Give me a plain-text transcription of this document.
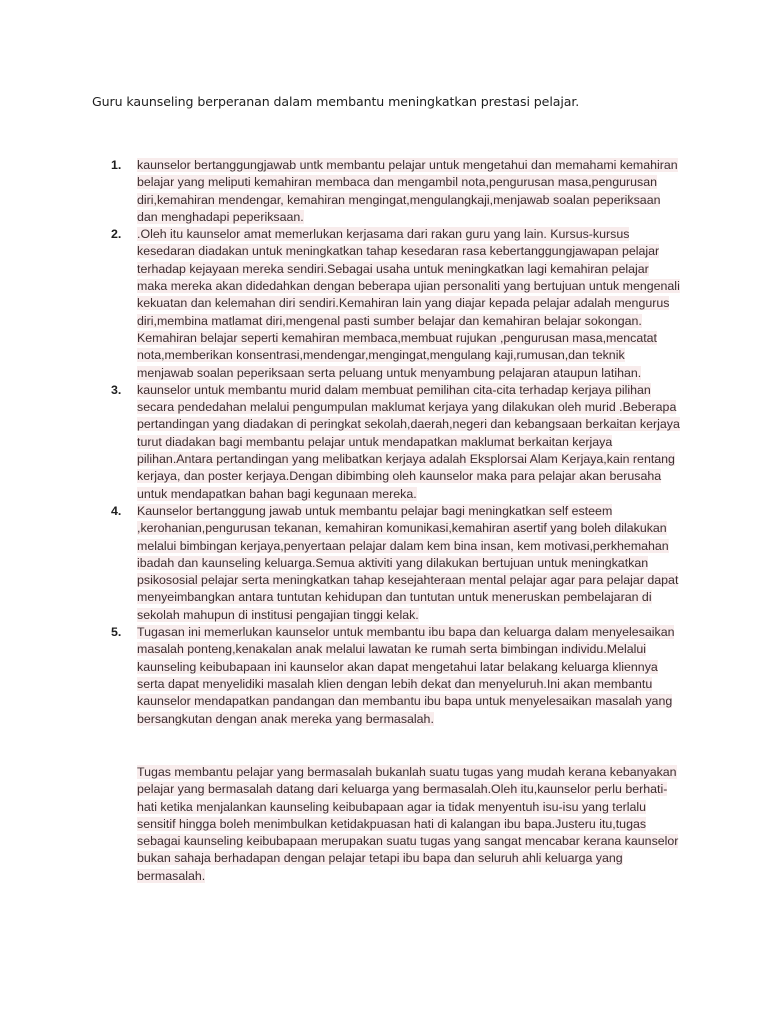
Guru kaunseling berperanan dalam membantu meningkatkan prestasi pelajar.
1.	kaunselor bertanggungjawab untk membantu pelajar untuk mengetahui dan memahami kemahiran belajar yang meliputi kemahiran membaca dan mengambil nota,pengurusan masa,pengurusan diri,kemahiran mendengar, kemahiran mengingat,mengulangkaji,menjawab soalan peperiksaan dan menghadapi peperiksaan.
2.	.Oleh itu kaunselor amat memerlukan kerjasama dari rakan guru yang lain. Kursus-kursus kesedaran diadakan untuk meningkatkan tahap kesedaran rasa kebertanggungjawapan pelajar terhadap kejayaan mereka sendiri.Sebagai usaha untuk meningkatkan lagi kemahiran pelajar maka mereka akan didedahkan dengan beberapa ujian personaliti yang bertujuan untuk mengenali kekuatan dan kelemahan diri sendiri.Kemahiran lain yang diajar kepada pelajar adalah mengurus diri,membina matlamat diri,mengenal pasti sumber belajar dan kemahiran belajar sokongan.
Kemahiran belajar seperti kemahiran membaca,membuat rujukan ,pengurusan masa,mencatat nota,memberikan konsentrasi,mendengar,mengingat,mengulang kaji,rumusan,dan teknik menjawab soalan peperiksaan serta peluang untuk menyambung pelajaran ataupun latihan.
3.	kaunselor untuk membantu murid dalam membuat pemilihan cita-cita terhadap kerjaya pilihan secara pendedahan melalui pengumpulan maklumat kerjaya yang dilakukan oleh murid .Beberapa pertandingan yang diadakan di peringkat sekolah,daerah,negeri dan kebangsaan berkaitan kerjaya turut diadakan bagi membantu pelajar untuk mendapatkan maklumat berkaitan kerjaya pilihan.Antara pertandingan yang melibatkan kerjaya adalah Eksplorsai Alam Kerjaya,kain rentang kerjaya, dan poster kerjaya.Dengan dibimbing oleh kaunselor maka para pelajar akan berusaha untuk mendapatkan bahan bagi kegunaan mereka.
4.	Kaunselor bertanggung jawab untuk membantu pelajar bagi meningkatkan self esteem ,kerohanian,pengurusan tekanan, kemahiran komunikasi,kemahiran asertif yang boleh dilakukan melalui bimbingan kerjaya,penyertaan pelajar dalam kem bina insan, kem motivasi,perkhemahan ibadah dan kaunseling keluarga.Semua aktiviti yang dilakukan bertujuan untuk meningkatkan psikososial pelajar serta meningkatkan tahap kesejahteraan mental pelajar agar para pelajar dapat menyeimbangkan antara tuntutan kehidupan dan tuntutan untuk meneruskan pembelajaran di sekolah mahupun di institusi pengajian tinggi kelak.
5.	Tugasan ini memerlukan kaunselor untuk membantu ibu bapa dan keluarga dalam menyelesaikan masalah ponteng,kenakalan anak melalui lawatan ke rumah serta bimbingan individu.Melalui kaunseling keibubapaan ini kaunselor akan dapat mengetahui latar belakang keluarga kliennya serta dapat menyelidiki masalah klien dengan lebih dekat dan menyeluruh.Ini akan membantu kaunselor mendapatkan pandangan dan membantu ibu bapa untuk menyelesaikan masalah yang bersangkutan dengan anak mereka yang bermasalah.
Tugas membantu pelajar yang bermasalah bukanlah suatu tugas yang mudah kerana kebanyakan pelajar yang bermasalah datang dari keluarga yang bermasalah.Oleh itu,kaunselor perlu berhati-hati ketika menjalankan kaunseling keibubapaan agar ia tidak menyentuh isu-isu yang terlalu sensitif hingga boleh menimbulkan ketidakpuasan hati di kalangan ibu bapa.Justeru itu,tugas sebagai kaunseling keibubapaan merupakan suatu tugas yang sangat mencabar kerana kaunselor bukan sahaja berhadapan dengan pelajar tetapi ibu bapa dan seluruh ahli keluarga yang bermasalah.
